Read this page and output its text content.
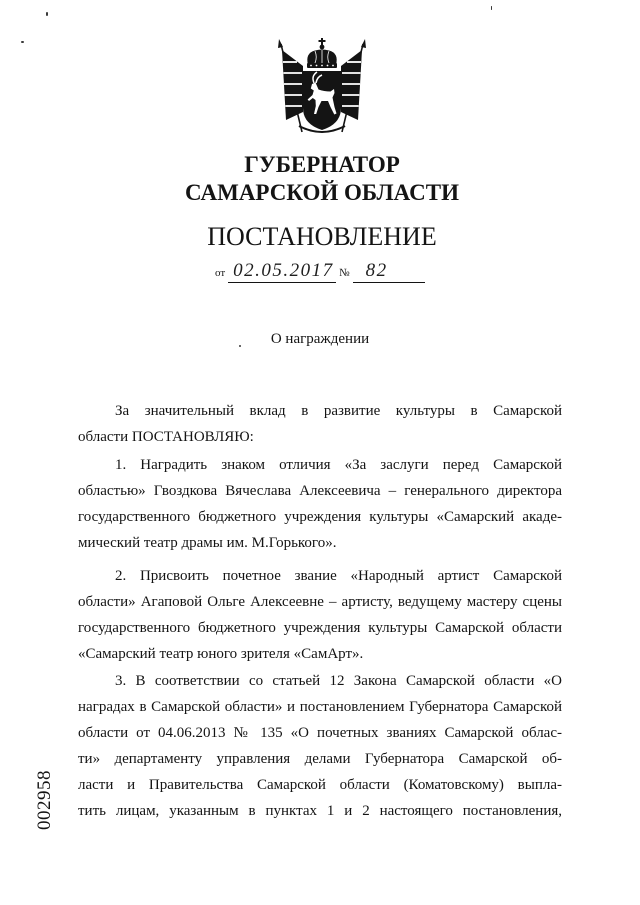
ГУБЕРНАТОР
САМАРСКОЙ ОБЛАСТИ
ПОСТАНОВЛЕНИЕ
от 02.05.2017 № 82
О награждении
За значительный вклад в развитие культуры в Самарской
области ПОСТАНОВЛЯЮ:
1. Наградить знаком отличия «За заслуги перед Самарской
областью» Гвоздкова Вячеслава Алексеевича – генерального директора
государственного бюджетного учреждения культуры «Самарский акаде-
мический театр драмы им. М.Горького».
2. Присвоить почетное звание «Народный артист Самарской
области» Агаповой Ольге Алексеевне – артисту, ведущему мастеру сцены
государственного бюджетного учреждения культуры Самарской области
«Самарский театр юного зрителя «СамАрт».
3. В соответствии со статьей 12 Закона Самарской области «О
наградах в Самарской области» и постановлением Губернатора Самарской
области от 04.06.2013 № 135 «О почетных званиях Самарской облас-
ти» департаменту управления делами Губернатора Самарской об-
ласти и Правительства Самарской области (Коматовскому) выпла-
тить лицам, указанным в пунктах 1 и 2 настоящего постановления,
002958
